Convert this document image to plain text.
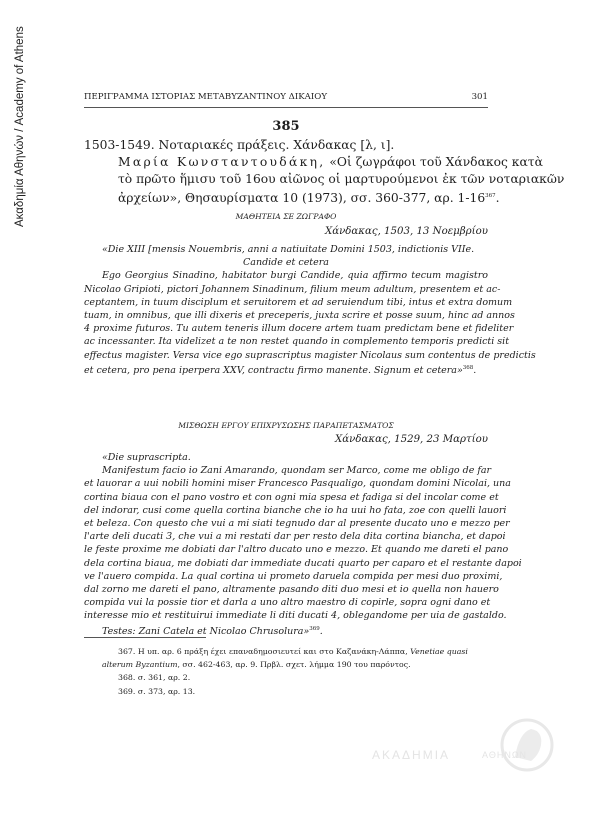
Ακαδημία Αθηνών / Academy of Athens	ΠΕΡΙΓΡΑΜΜΑ ΙΣΤΟΡΙΑΣ ΜΕΤΑΒΥΖΑΝΤΙΝΟΥ ΔΙΚΑΙΟΥ	301
385
1503-1549. Νοταριακές πράξεις. Χάνδακας [λ, ι].
Μαρία Κωνσταντουδάκη, «Οἱ ζωγράφοι τοῦ Χάνδακος κατὰ
τὸ πρῶτο ἥμισυ τοῦ 16ου αἰῶνος οἱ μαρτυρούμενοι ἐκ τῶν νοταριακῶν
ἀρχείων», Θησαυρίσματα 10 (1973), σσ. 360-377, αρ. $1-16^{367}$.
ΜΑΘΗΤΕΙΑ ΣΕ ΖΩΓΡΑΦΟ
Χάνδακας, 1503, 13 Νοεμβρίου
«Die XIII [mensis Nouembris, anni a natiuitate Domini 1503, indictionis VIIe.
Candide et cetera
Ego Georgius Sinadino, habitator burgi Candide, quia affirmo tecum magistro
Nicolao Gripioti, pictori Johannem Sinadinum, filium meum adultum, presentem et ac-
ceptantem, in tuum disciplum et seruitorem et ad seruiendum tibi, intus et extra domum
tuam, in omnibus, que illi dixeris et preceperis, juxta scrire et posse suum, hinc ad annos
4 proxime futuros. Tu autem teneris illum docere artem tuam predictam bene et fideliter
ac incessanter. Ita videlizet a te non restet quando in complemento temporis predicti sit
effectus magister. Versa vice ego suprascriptus magister Nicolaus sum contentus de predictis
et cetera, pro pena iperpera XXV, contractu firmo manente. Signum et cetera»$^{368}$.
ΜΙΣΘΩΣΗ ΕΡΓΟΥ ΕΠΙΧΡΥΣΩΣΗΣ ΠΑΡΑΠΕΤΑΣΜΑΤΟΣ
Χάνδακας, 1529, 23 Μαρτίου
«Die suprascripta.
Manifestum facio io Zani Amarando, quondam ser Marco, come me obligo de far
et lauorar a uui nobili homini miser Francesco Pasqualigo, quondam domini Nicolai, una
cortina biaua con el pano vostro et con ogni mia spesa et fadiga si del incolar come et
del indorar, cusi come quella cortina bianche che io ha uui ho fata, zoe con quelli lauori
et beleza. Con questo che vui a mi siati tegnudo dar al presente ducato uno e mezzo per
l'arte deli ducati 3, che vui a mi restati dar per resto dela dita cortina biancha, et dapoi
le feste proxime me dobiati dar l'altro ducato uno e mezzo. Et quando me dareti el pano
dela cortina biaua, me dobiati dar immediate ducati quarto per caparo et el restante dapoi
ve l'auero compida. La qual cortina ui prometo daruela compida per mesi duo proximi,
dal zorno me dareti el pano, altramente pasando diti duo mesi et io quella non hauero
compida vui la possie tior et darla a uno altro maestro di copirle, sopra ogni dano et
interesse mio et restituirui immediate li diti ducati 4, oblegandome per uia de gastaldo.
Testes: Zani Catela et Nicolao Chrusolura»$^{369}$.
367. Η υπ. αρ. 6 πράξη έχει επαναδημοσιευτεί και στο Καζανάκη-Λάππα, Venetiae quasi
alterum Byzantium, σσ. 462-463, αρ. 9. Πρβλ. σχετ. λήμμα 190 του παρόντος.
368. σ. 361, αρ. 2.
369. σ. 373, αρ. 13.
ΑΚΑΔΗΜΙΑ	ΑΘΗΝΩΝ
